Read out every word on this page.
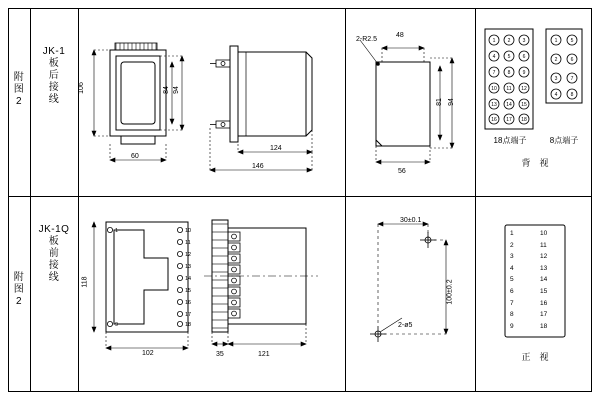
附
图
2
JK-1
板
后
接
线
106	94
84
60
124
146
2-R2.5
48
81 94
56
1 2 3
4 5 6
7 8 9
10 11 12
13 14 15
16 17 18
1	5
2	6
3	7
4	8
18点端子	8点端子
背　视
附
图
2
JK-1Q
板
前
接
线
1
9
10
11
12
13
14
15
16
17
18
118
102	35	121
30±0.1
100±0.2
2-ø5
1
2
3
4
5
6
7
8
9
10
11
12
13
14
15
16
17
18
正　视
